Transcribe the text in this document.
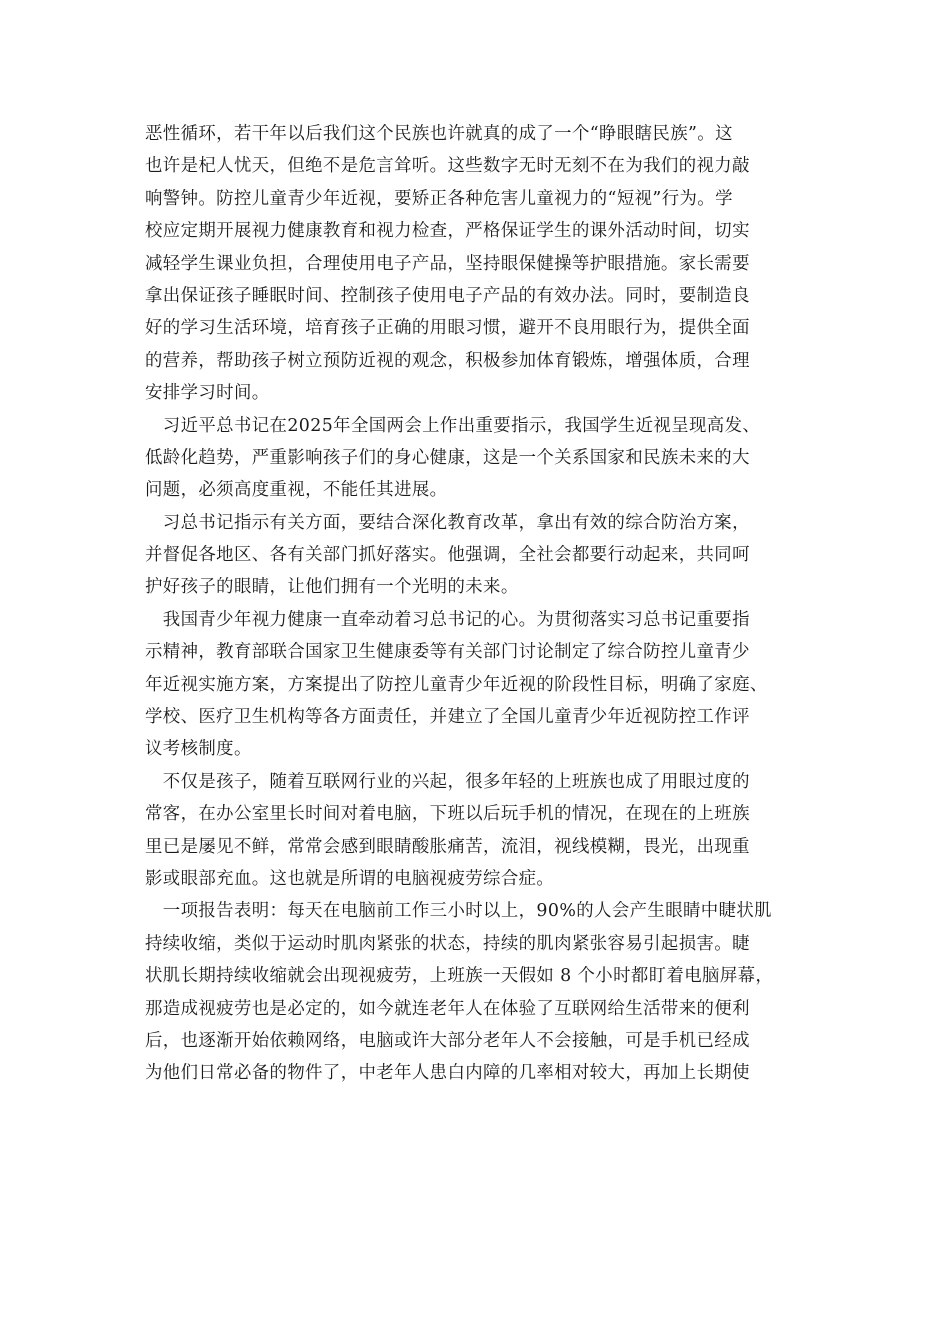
恶性循环，若干年以后我们这个民族也许就真的成了一个“睁眼瞎民族”。这
也许是杞人忧天，但绝不是危言耸听。这些数字无时无刻不在为我们的视力敲
响警钟。防控儿童青少年近视，要矫正各种危害儿童视力的“短视”行为。学
校应定期开展视力健康教育和视力检查，严格保证学生的课外活动时间，切实
减轻学生课业负担，合理使用电子产品，坚持眼保健操等护眼措施。家长需要
拿出保证孩子睡眠时间、控制孩子使用电子产品的有效办法。同时，要制造良
好的学习生活环境，培育孩子正确的用眼习惯，避开不良用眼行为，提供全面
的营养，帮助孩子树立预防近视的观念，积极参加体育锻炼，增强体质，合理
安排学习时间。
　习近平总书记在2025年全国两会上作出重要指示，我国学生近视呈现高发、
低龄化趋势，严重影响孩子们的身心健康，这是一个关系国家和民族未来的大
问题，必须高度重视，不能任其进展。
　习总书记指示有关方面，要结合深化教育改革，拿出有效的综合防治方案，
并督促各地区、各有关部门抓好落实。他强调，全社会都要行动起来，共同呵
护好孩子的眼睛，让他们拥有一个光明的未来。
　我国青少年视力健康一直牵动着习总书记的心。为贯彻落实习总书记重要指
示精神，教育部联合国家卫生健康委等有关部门讨论制定了综合防控儿童青少
年近视实施方案，方案提出了防控儿童青少年近视的阶段性目标，明确了家庭、
学校、医疗卫生机构等各方面责任，并建立了全国儿童青少年近视防控工作评
议考核制度。
　不仅是孩子，随着互联网行业的兴起，很多年轻的上班族也成了用眼过度的
常客，在办公室里长时间对着电脑，下班以后玩手机的情况，在现在的上班族
里已是屡见不鲜，常常会感到眼睛酸胀痛苦，流泪，视线模糊，畏光，出现重
影或眼部充血。这也就是所谓的电脑视疲劳综合症。
　一项报告表明：每天在电脑前工作三小时以上，90%的人会产生眼睛中睫状肌
持续收缩，类似于运动时肌肉紧张的状态，持续的肌肉紧张容易引起损害。睫
状肌长期持续收缩就会出现视疲劳，上班族一天假如 8 个小时都盯着电脑屏幕，
那造成视疲劳也是必定的，如今就连老年人在体验了互联网给生活带来的便利
后，也逐渐开始依赖网络，电脑或许大部分老年人不会接触，可是手机已经成
为他们日常必备的物件了，中老年人患白内障的几率相对较大，再加上长期使
